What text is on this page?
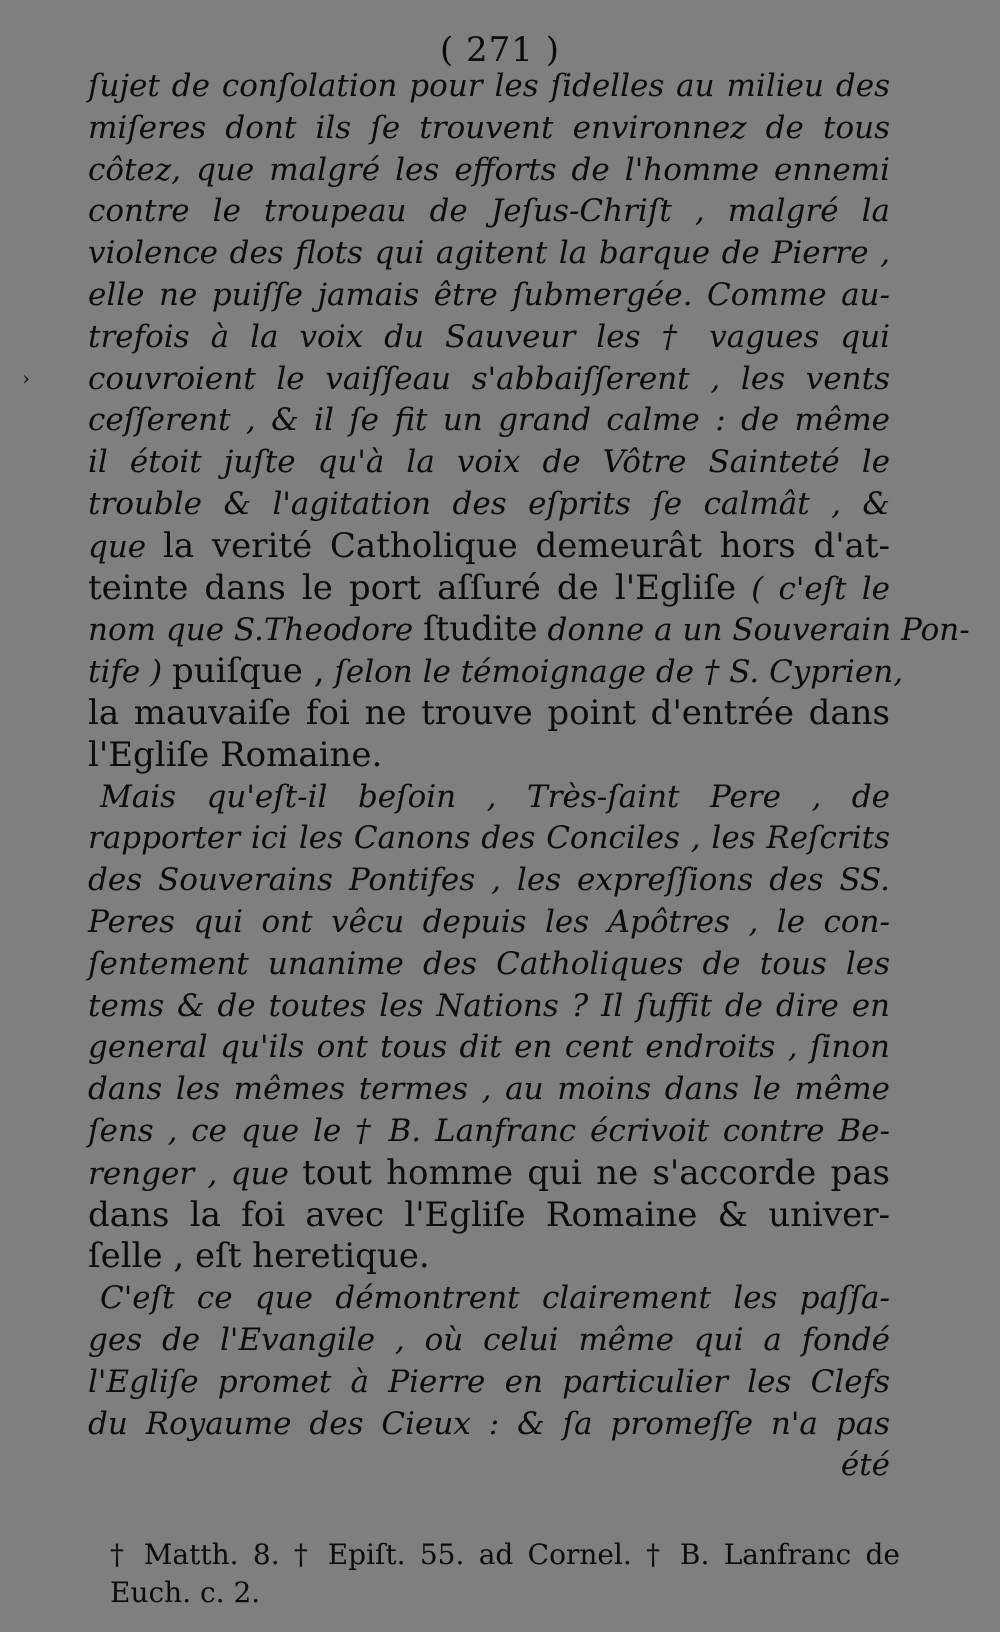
( 271 )
›
ſujet de conſolation pour les ſidelles au milieu des
miſeres dont ils ſe trouvent environnez de tous
côtez, que malgré les efforts de l'homme ennemi
contre le troupeau de Jeſus-Chriſt , malgré la
violence des flots qui agitent la barque de Pierre ,
elle ne puiſſe jamais être ſubmergée. Comme au-
trefois à la voix du Sauveur les † vagues qui
couvroient le vaiſſeau s'abbaiſſerent , les vents
ceſſerent , & il ſe fit un grand calme : de même
il étoit juſte qu'à la voix de Vôtre Sainteté le
trouble & l'agitation des eſprits ſe calmât , &
que la verité Catholique demeurât hors d'at-
teinte dans le port aſſuré de l'Egliſe ( c'eſt le
nom que S.Theodore ſtudite donne a un Souverain Pon-
tife ) puiſque , ſelon le témoignage de † S. Cyprien,
la mauvaiſe foi ne trouve point d'entrée dans
l'Egliſe Romaine.
Mais qu'eſt-il beſoin , Très-ſaint Pere , de
rapporter ici les Canons des Conciles , les Reſcrits
des Souverains Pontifes , les expreſſions des SS.
Peres qui ont vêcu depuis les Apôtres , le con-
ſentement unanime des Catholiques de tous les
tems & de toutes les Nations ? Il ſuffit de dire en
general qu'ils ont tous dit en cent endroits , ſinon
dans les mêmes termes , au moins dans le même
ſens , ce que le † B. Lanfranc écrivoit contre Be-
renger , que tout homme qui ne s'accorde pas
dans la foi avec l'Egliſe Romaine & univer-
ſelle , eſt heretique.
C'eſt ce que démontrent clairement les paſſa-
ges de l'Evangile , où celui même qui a fondé
l'Egliſe promet à Pierre en particulier les Clefs
du Royaume des Cieux : & ſa promeſſe n'a pas
été
† Matth. 8. † Epiſt. 55. ad Cornel. † B. Lanfranc de
Euch. c. 2.
